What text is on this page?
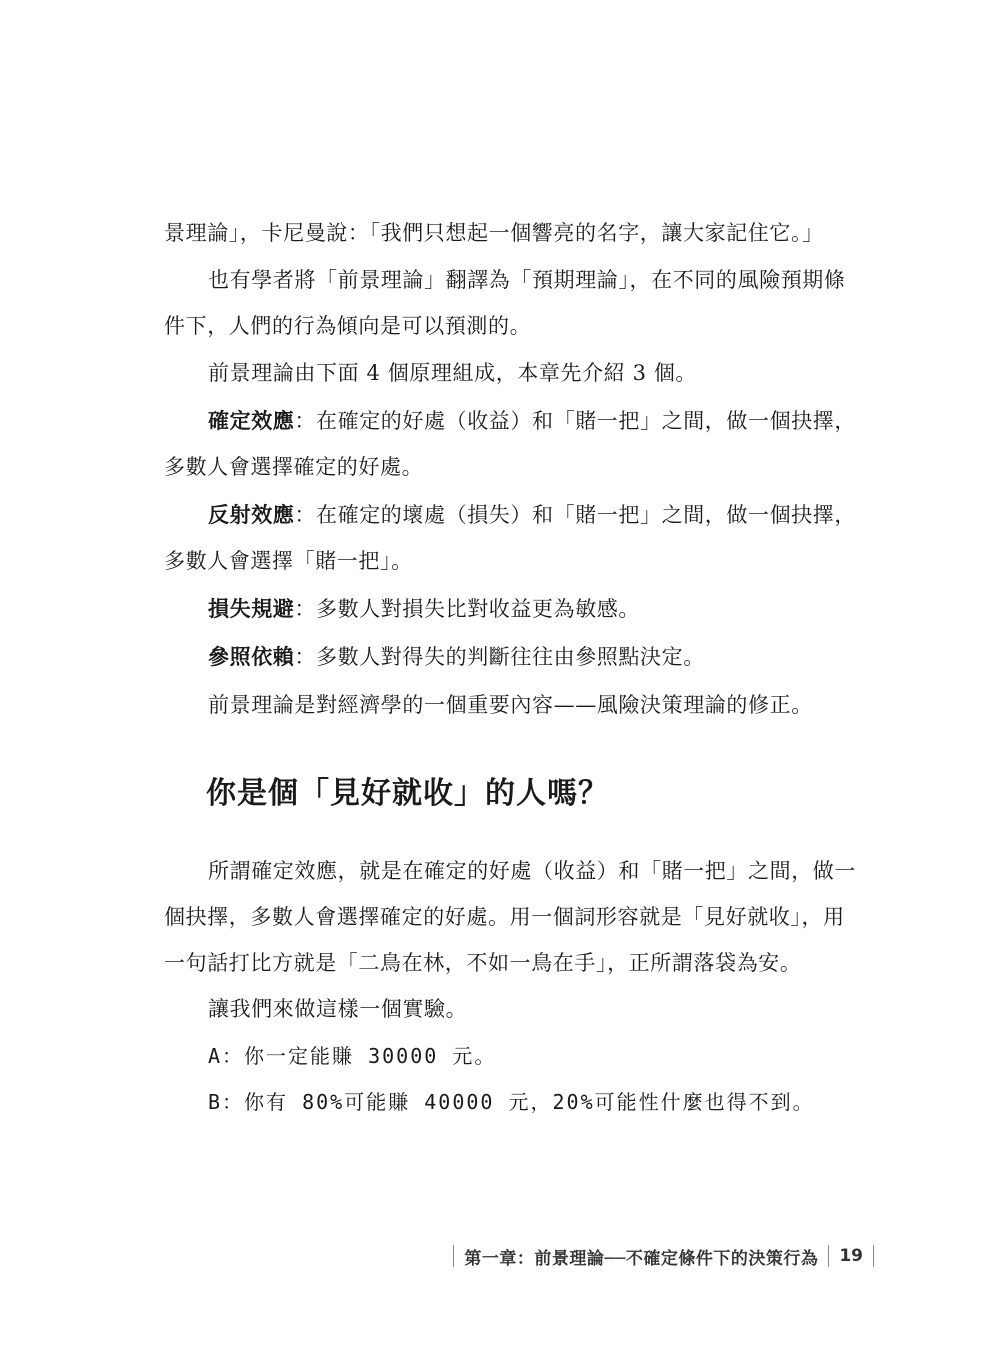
景理論」，卡尼曼說：「我們只想起一個響亮的名字，讓大家記住它。」

也有學者將「前景理論」翻譯為「預期理論」，在不同的風險預期條
件下，人們的行為傾向是可以預測的。

前景理論由下面 4 個原理組成，本章先介紹 3 個。

確定效應：在確定的好處（收益）和「賭一把」之間，做一個抉擇，
多數人會選擇確定的好處。

反射效應：在確定的壞處（損失）和「賭一把」之間，做一個抉擇，
多數人會選擇「賭一把」。

損失規避：多數人對損失比對收益更為敏感。

參照依賴：多數人對得失的判斷往往由參照點決定。

前景理論是對經濟學的一個重要內容——風險決策理論的修正。

你是個「見好就收」的人嗎？

所謂確定效應，就是在確定的好處（收益）和「賭一把」之間，做一
個抉擇，多數人會選擇確定的好處。用一個詞形容就是「見好就收」，用
一句話打比方就是「二鳥在林，不如一鳥在手」，正所謂落袋為安。

讓我們來做這樣一個實驗。

A：你一定能賺 30000 元。
B：你有 80%可能賺 40000 元，20%可能性什麼也得不到。
第一章：前景理論──不確定條件下的決策行為 19
